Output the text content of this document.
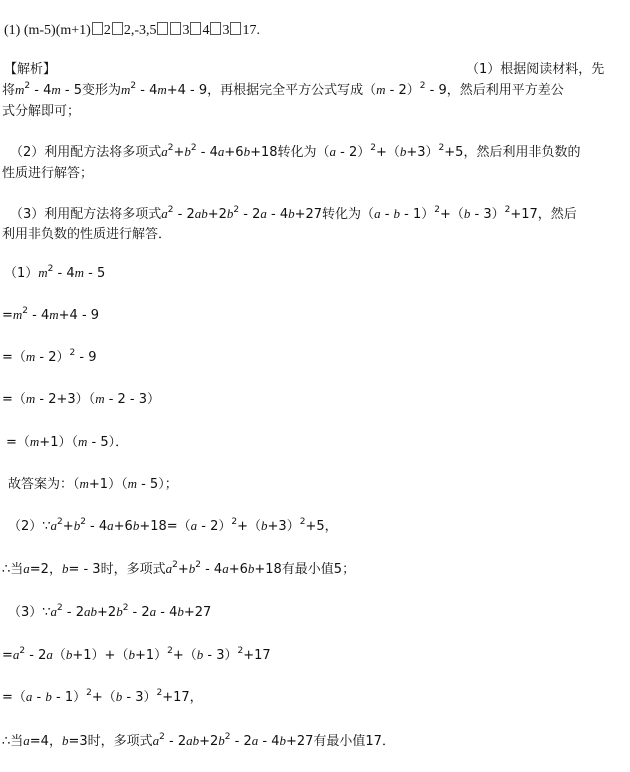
(1) (m-5)(m+1) 2 2,-3,5 3 4 3 17.
【解析】	（1）根据阅读材料，先
将$m^2 - 4m - 5$变形为$m^2 - 4m+4 - 9$，再根据完全平方公式写成（m - 2）$^2$ - 9，然后利用平方差公
式分解即可；
（2）利用配方法将多项式$a^2+b^2 - 4a+6b+18$转化为$(a - 2)^2+(b+3)^2+5$，然后利用非负数的
性质进行解答；
（3）利用配方法将多项式$a^2 - 2ab+2b^2 - 2a - 4b+27$转化为（a - b - 1）$^2$+（b - 3）$^2$+17，然后
利用非负数的性质进行解答．
$(1)m^2 - 4m - 5$
$=m^2 - 4m+4 - 9$
=（m - 2）$^2$ - 9
=（m - 2+3）（m - 2 - 3）
=（m+1）（m - 5）．
故答案为：（m+1）（m - 5）；
$(2)\because a^2+b^2 - 4a+6b+18=(a - 2)^2+(b+3)^2+5$，
∴当a=2，b= - 3时，多项式$a^2+b^2 - 4a+6b+18$有最小值5；
$(3)\because a^2 - 2ab+2b^2 - 2a - 4b+27$
$=a^2 - 2a(b+1)+(b+1)^2+(b - 3)^2+17$
=（a - b - 1）$^2$+（b - 3）$^2$+17，
∴当a=4，b=3时，多项式$a^2 - 2ab+2b^2 - 2a - 4b+27$有最小值17．
